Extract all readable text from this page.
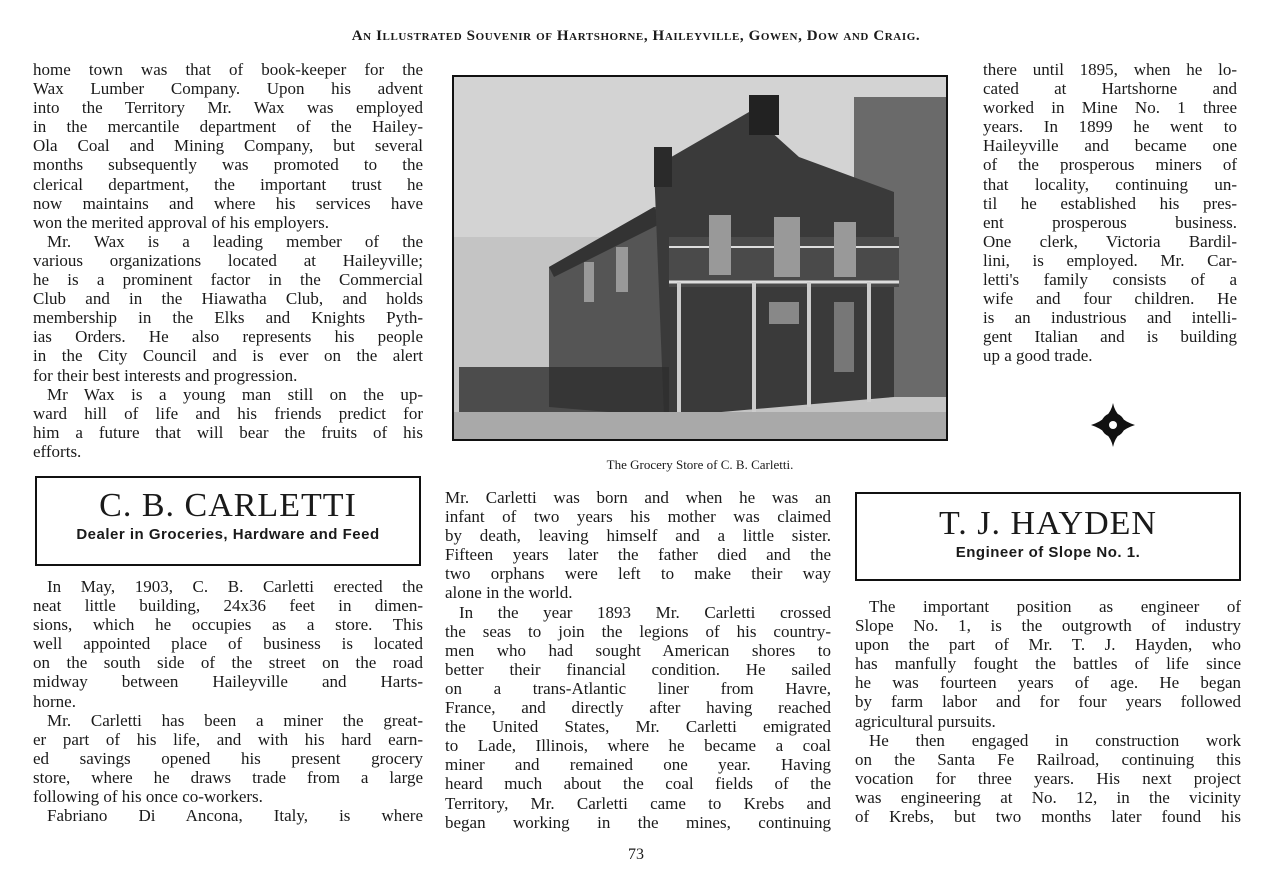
An Illustrated Souvenir of Hartshorne, Haileyville, Gowen, Dow and Craig.
home town was that of book-keeper for the
Wax Lumber Company. Upon his advent
into the Territory Mr. Wax was employed
in the mercantile department of the Hailey-
Ola Coal and Mining Company, but several
months subsequently was promoted to the
clerical department, the important trust he
now maintains and where his services have
won the merited approval of his employers.
Mr. Wax is a leading member of the
various organizations located at Haileyville;
he is a prominent factor in the Commercial
Club and in the Hiawatha Club, and holds
membership in the Elks and Knights Pyth-
ias Orders. He also represents his people
in the City Council and is ever on the alert
for their best interests and progression.
Mr Wax is a young man still on the up-
ward hill of life and his friends predict for
him a future that will bear the fruits of his
efforts.
C. B. CARLETTI
Dealer in Groceries, Hardware and Feed
In May, 1903, C. B. Carletti erected the
neat little building, 24x36 feet in dimen-
sions, which he occupies as a store. This
well appointed place of business is located
on the south side of the street on the road
midway between Haileyville and Harts-
horne.
Mr. Carletti has been a miner the great-
er part of his life, and with his hard earn-
ed savings opened his present grocery
store, where he draws trade from a large
following of his once co-workers.
Fabriano Di Ancona, Italy, is where
The Grocery Store of C. B. Carletti.
Mr. Carletti was born and when he was an
infant of two years his mother was claimed
by death, leaving himself and a little sister.
Fifteen years later the father died and the
two orphans were left to make their way
alone in the world.
In the year 1893 Mr. Carletti crossed
the seas to join the legions of his country-
men who had sought American shores to
better their financial condition. He sailed
on a trans-Atlantic liner from Havre,
France, and directly after having reached
the United States, Mr. Carletti emigrated
to Lade, Illinois, where he became a coal
miner and remained one year. Having
heard much about the coal fields of the
Territory, Mr. Carletti came to Krebs and
began working in the mines, continuing
there until 1895, when he lo-
cated at Hartshorne and
worked in Mine No. 1 three
years. In 1899 he went to
Haileyville and became one
of the prosperous miners of
that locality, continuing un-
til he established his pres-
ent prosperous business.
One clerk, Victoria Bardil-
lini, is employed. Mr. Car-
letti's family consists of a
wife and four children. He
is an industrious and intelli-
gent Italian and is building
up a good trade.
T. J. HAYDEN
Engineer of Slope No. 1.
The important position as engineer of
Slope No. 1, is the outgrowth of industry
upon the part of Mr. T. J. Hayden, who
has manfully fought the battles of life since
he was fourteen years of age. He began
by farm labor and for four years followed
agricultural pursuits.
He then engaged in construction work
on the Santa Fe Railroad, continuing this
vocation for three years. His next project
was engineering at No. 12, in the vicinity
of Krebs, but two months later found his
73
